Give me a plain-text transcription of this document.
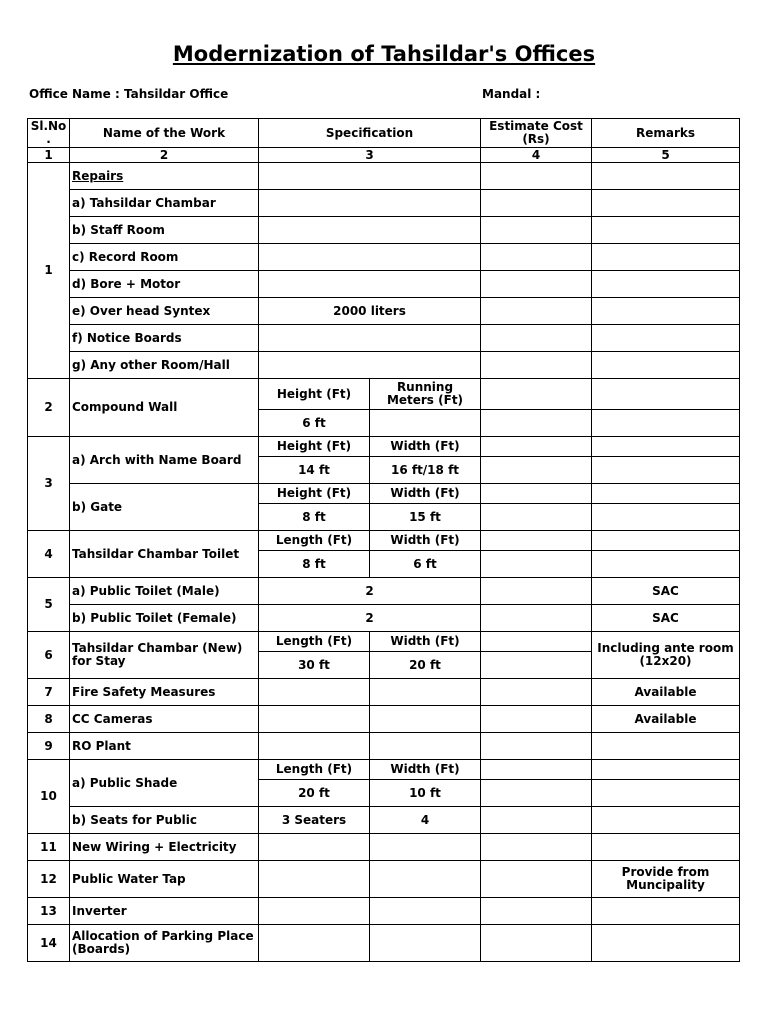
Modernization of Tahsildar's Offices
Office Name : Tahsildar Office	Mandal :
Sl.No .	Name of the Work	Specification		Estimate Cost (Rs)	Remarks
1	2	3		4	5
1	Repairs				
	a) Tahsildar Chambar				
	b) Staff Room				
	c) Record Room				
	d) Bore + Motor				
	e) Over head Syntex	2000 liters			
	f) Notice Boards				
	g) Any other Room/Hall				
2	Compound Wall	Height (Ft)	Running Meters (Ft)		
		6 ft			
3	a) Arch with Name Board	Height (Ft)	Width (Ft)		
		14 ft	16 ft/18 ft		
	b) Gate	Height (Ft)	Width (Ft)		
		8 ft	15 ft		
4	Tahsildar Chambar Toilet	Length (Ft)	Width (Ft)		
		8 ft	6 ft		
5	a) Public Toilet (Male)	2			SAC
	b) Public Toilet (Female)	2			SAC
6	Tahsildar Chambar (New) for Stay	Length (Ft)	Width (Ft)		Including ante room (12x20)
		30 ft	20 ft		
7	Fire Safety Measures				Available
8	CC Cameras				Available
9	RO Plant				
10	a) Public Shade	Length (Ft)	Width (Ft)		
		20 ft	10 ft		
	b) Seats for Public	3 Seaters	4		
11	New Wiring + Electricity				
12	Public Water Tap				Provide from Muncipality
13	Inverter				
14	Allocation of Parking Place (Boards)				
